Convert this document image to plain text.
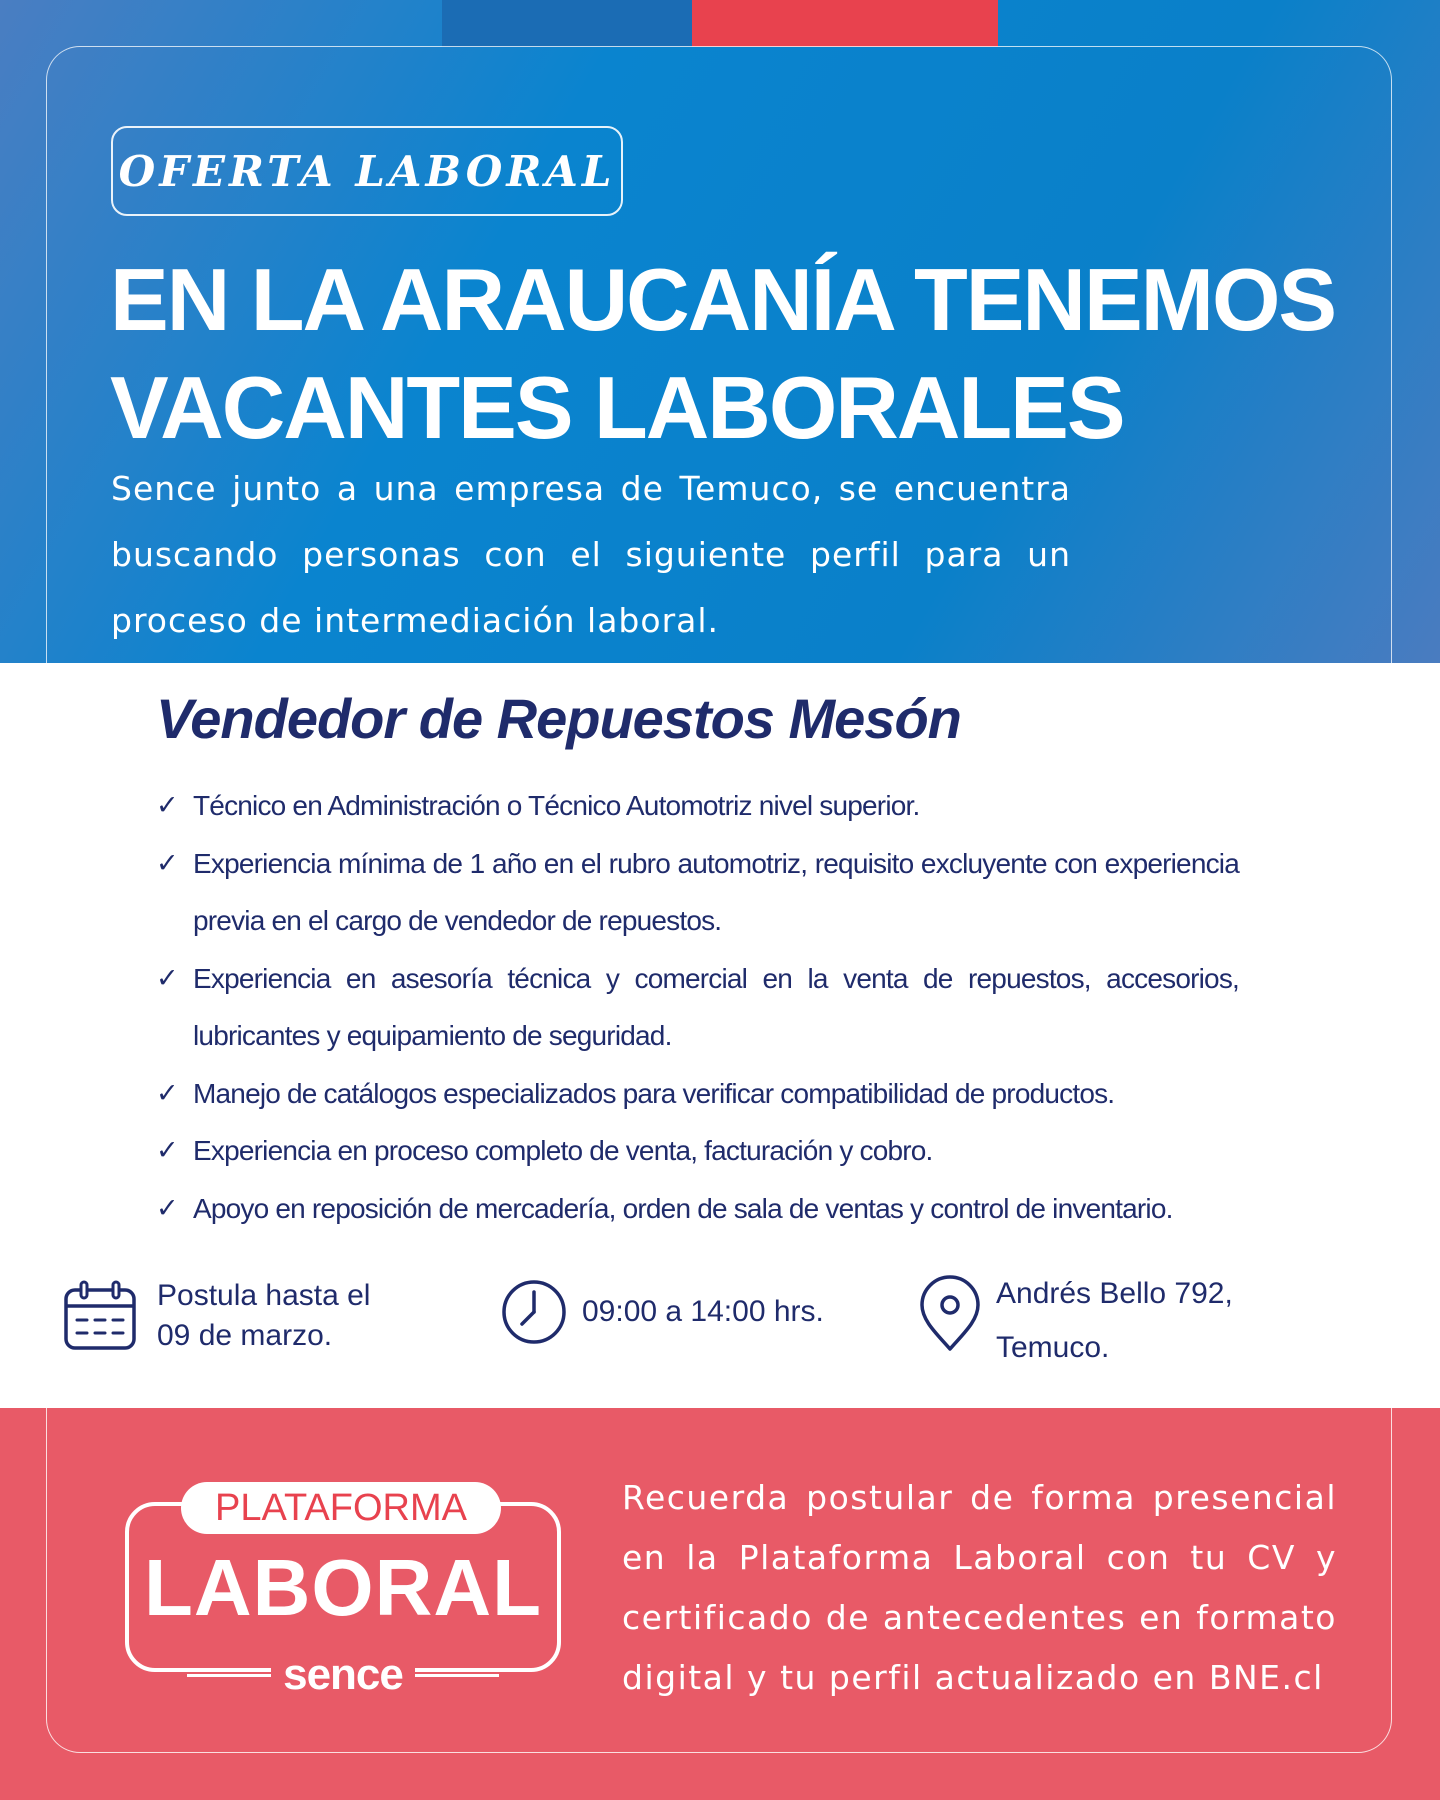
OFERTA LABORAL
EN LA ARAUCANÍA TENEMOS
VACANTES LABORALES

Sence junto a una empresa de Temuco, se encuentra buscando personas con el siguiente perfil para un proceso de intermediación laboral.

Vendedor de Repuestos Mesón
✓ Técnico en Administración o Técnico Automotriz nivel superior.
✓ Experiencia mínima de 1 año en el rubro automotriz, requisito excluyente con experiencia previa en el cargo de vendedor de repuestos.
✓ Experiencia en asesoría técnica y comercial en la venta de repuestos, accesorios, lubricantes y equipamiento de seguridad.
✓ Manejo de catálogos especializados para verificar compatibilidad de productos.
✓ Experiencia en proceso completo de venta, facturación y cobro.
✓ Apoyo en reposición de mercadería, orden de sala de ventas y control de inventario.
Postula hasta el
09 de marzo.
09:00 a 14:00 hrs.
Andrés Bello 792,
Temuco.
PLATAFORMA
LABORAL
sence

Recuerda postular de forma presencial en la Plataforma Laboral con tu CV y certificado de antecedentes en formato digital y tu perfil actualizado en BNE.cl
